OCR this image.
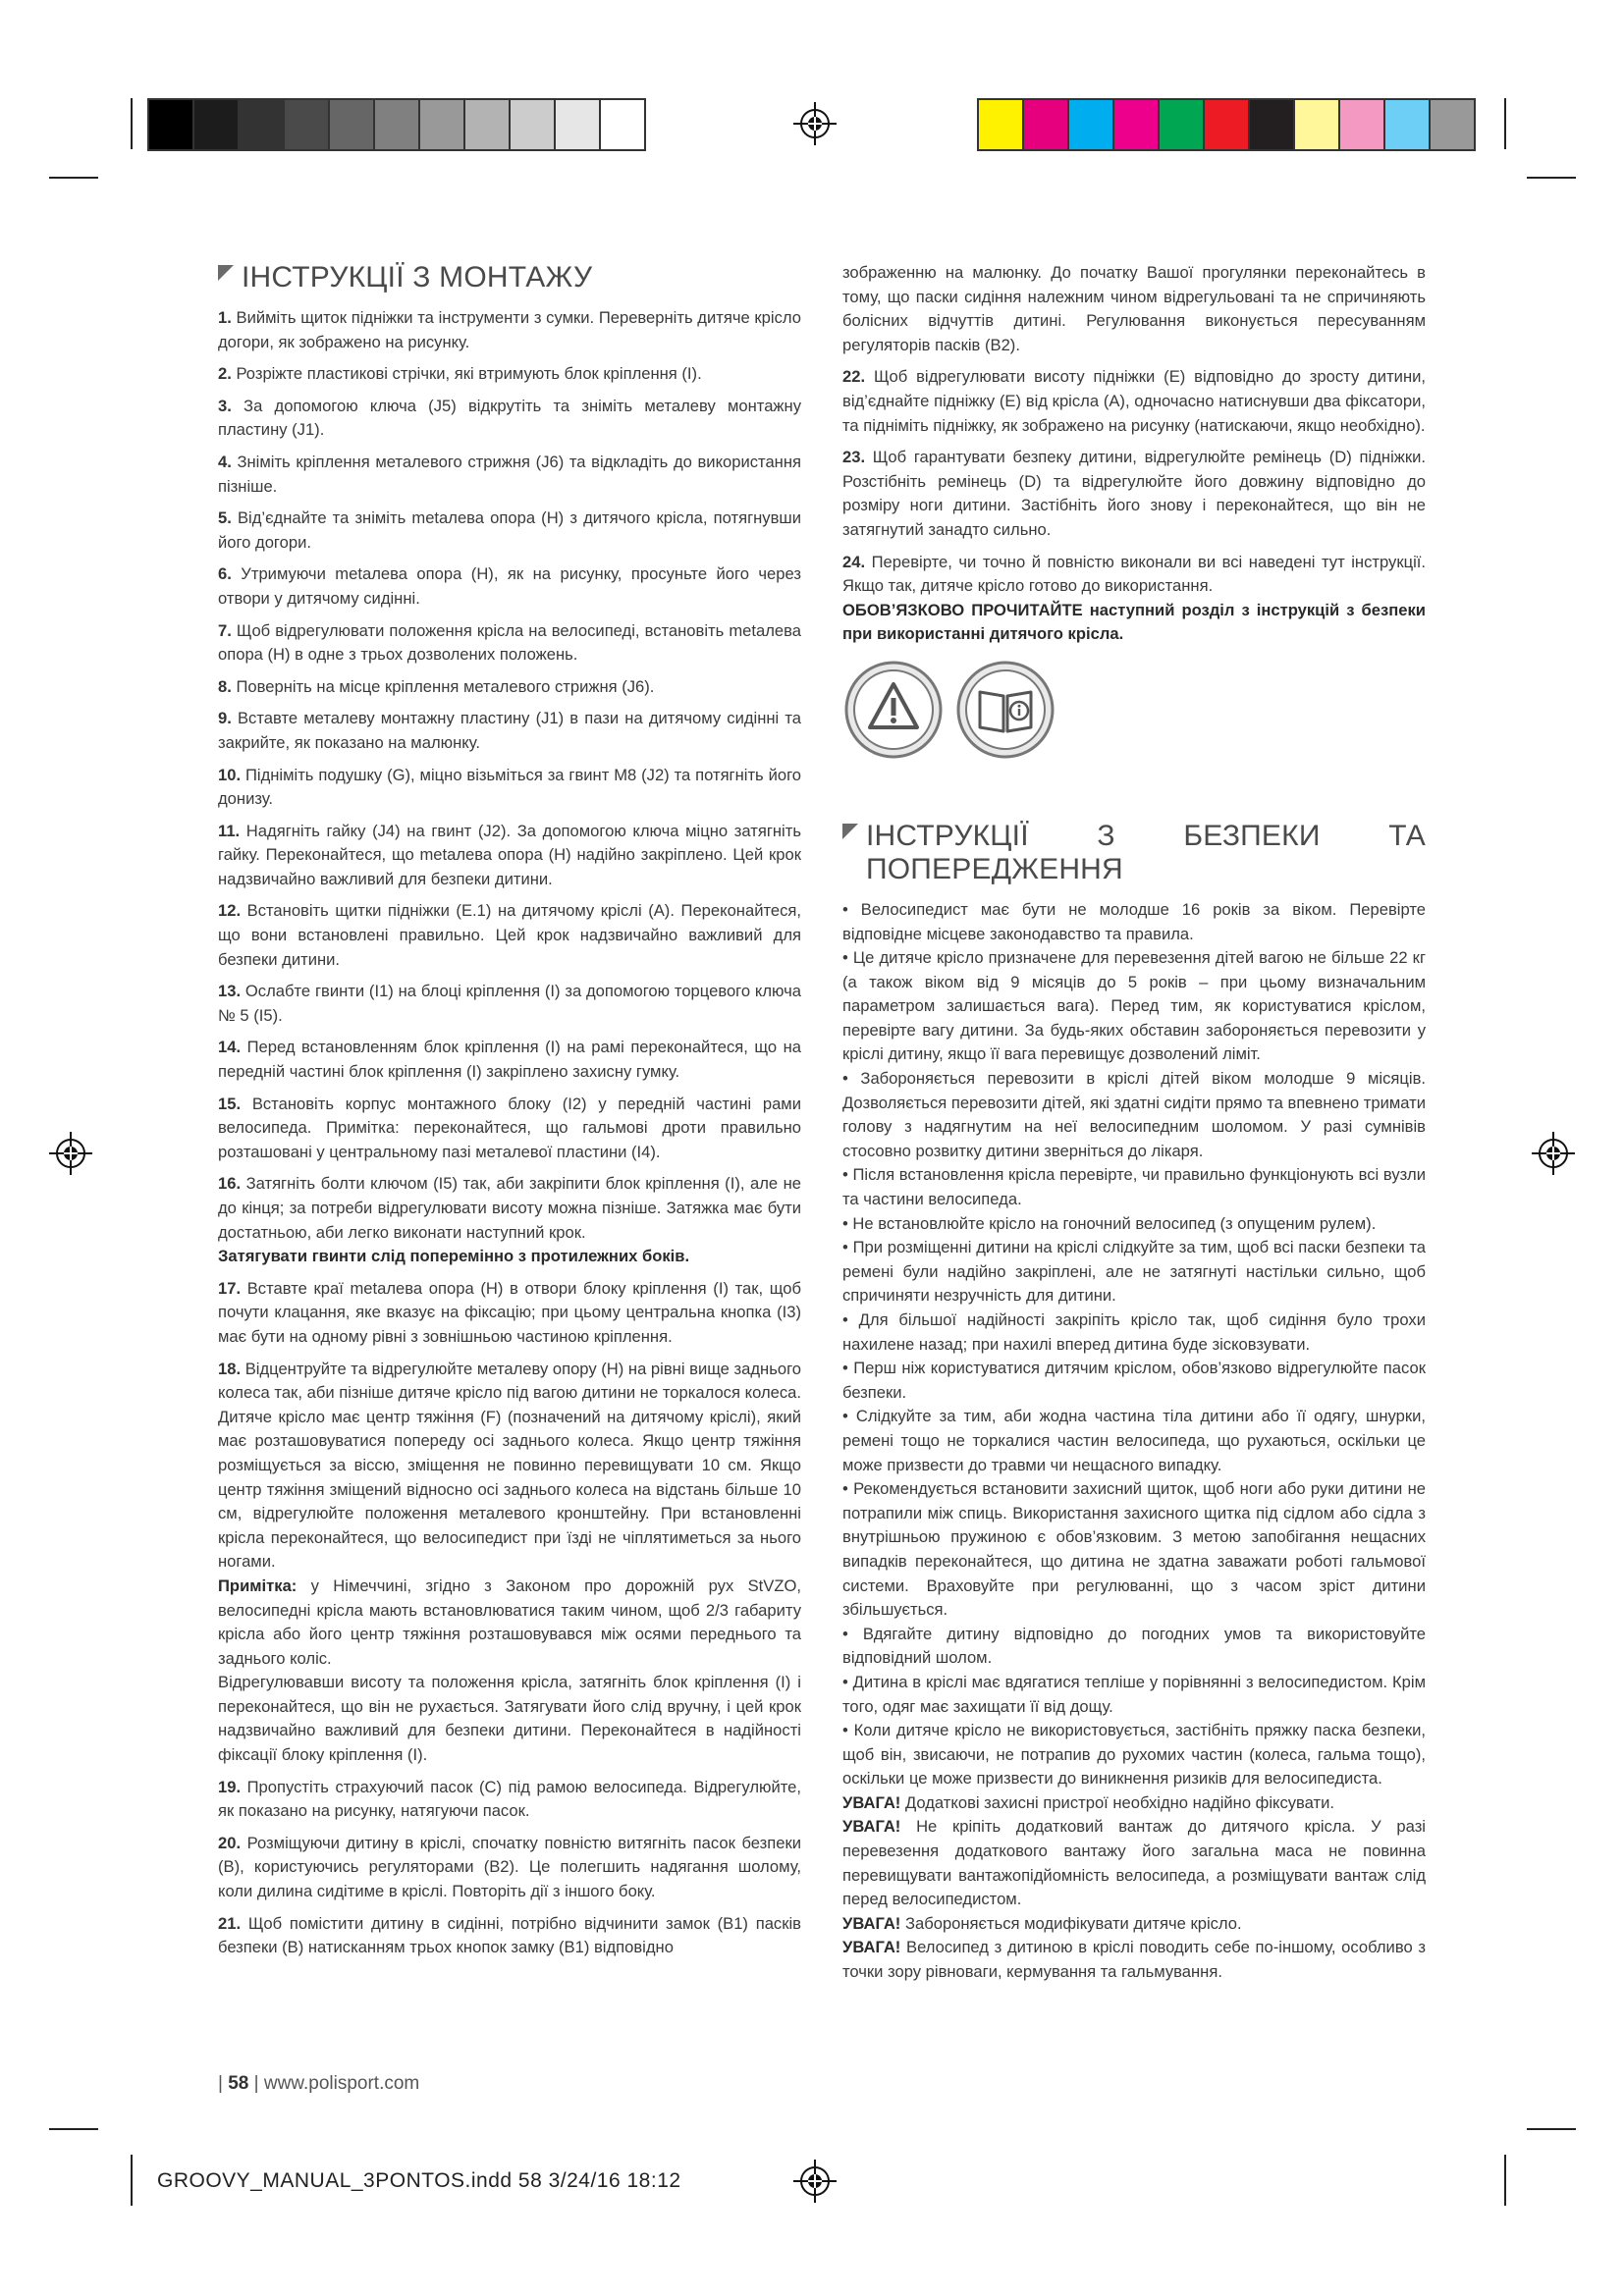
ІНСТРУКЦІЇ З МОНТАЖУ

1. Вийміть щиток підніжки та інструменти з сумки. Переверніть дитяче крісло догори, як зображено на рисунку.

2. Розріжте пластикові стрічки, які втримують блок кріплення (I).

3. За допомогою ключа (J5) відкрутіть та зніміть металеву монтажну пластину (J1).

4. Зніміть кріплення металевого стрижня (J6) та відкладіть до використання пізніше.

5. Від’єднайте та зніміть metалева опора (H) з дитячого крісла, потягнувши його догори.

6. Утримуючи metалева опора (H), як на рисунку, просуньте його через отвори у дитячому сидінні.

7. Щоб відрегулювати положення крісла на велосипеді, встановіть metалева опора (H) в одне з трьох дозволених положень.

8. Поверніть на місце кріплення металевого стрижня (J6).

9. Вставте металеву монтажну пластину (J1) в пази на дитячому сидінні та закрийте, як показано на малюнку.

10. Підніміть подушку (G), міцно візьміться за гвинт M8 (J2) та потягніть його донизу.

11. Надягніть гайку (J4) на гвинт (J2). За допомогою ключа міцно затягніть гайку. Переконайтеся, що metалева опора (H) надійно закріплено. Цей крок надзвичайно важливий для безпеки дитини.

12. Встановіть щитки підніжки (E.1) на дитячому кріслі (A). Переконайтеся, що вони встановлені правильно. Цей крок надзвичайно важливий для безпеки дитини.

13. Ослабте гвинти (I1) на блоці кріплення (I) за допомогою торцевого ключа № 5 (I5).

14. Перед встановленням блок кріплення (I) на рамі переконайтеся, що на передній частині блок кріплення (I) закріплено захисну гумку.

15. Встановіть корпус монтажного блоку (I2) у передній частині рами велосипеда. Примітка: переконайтеся, що гальмові дроти правильно розташовані у центральному пазі металевої пластини (I4).

16. Затягніть болти ключом (I5) так, аби закріпити блок кріплення (I), але не до кінця; за потреби відрегулювати висоту можна пізніше. Затяжка має бути достатньою, аби легко виконати наступний крок.
Затягувати гвинти слід поперемінно з протилежних боків.

17. Вставте краї metалева опора (H) в отвори блоку кріплення (I) так, щоб почути клацання, яке вказує на фіксацію; при цьому центральна кнопка (I3) має бути на одному рівні з зовнішньою частиною кріплення.

18. Відцентруйте та відрегулюйте металеву опору (H) на рівні вище заднього колеса так, аби пізніше дитяче крісло під вагою дитини не торкалося колеса. Дитяче крісло має центр тяжіння (F) (позначений на дитячому кріслі), який має розташовуватися попереду осі заднього колеса. Якщо центр тяжіння розміщується за віссю, зміщення не повинно перевищувати 10 см. Якщо центр тяжіння зміщений відносно осі заднього колеса на відстань більше 10 см, відрегулюйте положення металевого кронштейну. При встановленні крісла переконайтеся, що велосипедист при їзді не чіплятиметься за нього ногами.

Примітка: у Німеччині, згідно з Законом про дорожній рух StVZO, велосипедні крісла мають встановлюватися таким чином, щоб 2/3 габариту крісла або його центр тяжіння розташовувався між осями переднього та заднього коліс.

Відрегулювавши висоту та положення крісла, затягніть блок кріплення (I) і переконайтеся, що він не рухається. Затягувати його слід вручну, і цей крок надзвичайно важливий для безпеки дитини. Переконайтеся в надійності фіксації блоку кріплення (I).

19. Пропустіть страхуючий пасок (C) під рамою велосипеда. Відрегулюйте, як показано на рисунку, натягуючи пасок.

20. Розміщуючи дитину в кріслі, спочатку повністю витягніть пасок безпеки (B), користуючись регуляторами (B2). Це полегшить надягання шолому, коли дилина сидітиме в кріслі. Повторіть дії з іншого боку.

21. Щоб помістити дитину в сидінні, потрібно відчинити замок (B1) пасків безпеки (B) натисканням трьох кнопок замку (B1) відповідно

зображенню на малюнку. До початку Вашої прогулянки переконайтесь в тому, що паски сидіння належним чином відрегульовані та не спричиняють болісних відчуттів дитині. Регулювання виконується пересуванням регуляторів пасків (B2).

22. Щоб відрегулювати висоту підніжки (E) відповідно до зросту дитини, від’єднайте підніжку (E) від крісла (A), одночасно натиснувши два фіксатори, та підніміть підніжку, як зображено на рисунку (натискаючи, якщо необхідно).

23. Щоб гарантувати безпеку дитини, відрегулюйте ремінець (D) підніжки. Розстібніть ремінець (D) та відрегулюйте його довжину відповідно до розміру ноги дитини. Застібніть його знову і переконайтеся, що він не затягнутий занадто сильно.

24. Перевірте, чи точно й повністю виконали ви всі наведені тут інструкції. Якщо так, дитяче крісло готово до використання.
ОБОВ’ЯЗКОВО ПРОЧИТАЙТЕ наступний розділ з інструкцій з безпеки при використанні дитячого крісла.

ІНСТРУКЦІЇ З БЕЗПЕКИ ТА ПОПЕРЕДЖЕННЯ

• Велосипедист має бути не молодше 16 років за віком. Перевірте відповідне місцеве законодавство та правила.

• Це дитяче крісло призначене для перевезення дітей вагою не більше 22 кг (а також віком від 9 місяців до 5 років – при цьому визначальним параметром залишається вага). Перед тим, як користуватися кріслом, перевірте вагу дитини. За будь-яких обставин забороняється перевозити у кріслі дитину, якщо її вага перевищує дозволений ліміт.

• Забороняється перевозити в кріслі дітей віком молодше 9 місяців. Дозволяється перевозити дітей, які здатні сидіти прямо та впевнено тримати голову з надягнутим на неї велосипедним шоломом. У разі сумнівів стосовно розвитку дитини зверніться до лікаря.

• Після встановлення крісла перевірте, чи правильно функціонують всі вузли та частини велосипеда.

• Не встановлюйте крісло на гоночний велосипед (з опущеним рулем).

• При розміщенні дитини на кріслі слідкуйте за тим, щоб всі паски безпеки та ремені були надійно закріплені, але не затягнуті настільки сильно, щоб спричиняти незручність для дитини.

• Для більшої надійності закріпіть крісло так, щоб сидіння було трохи нахилене назад; при нахилі вперед дитина буде зісковзувати.

• Перш ніж користуватися дитячим кріслом, обов’язково відрегулюйте пасок безпеки.

• Слідкуйте за тим, аби жодна частина тіла дитини або її одягу, шнурки, ремені тощо не торкалися частин велосипеда, що рухаються, оскільки це може призвести до травми чи нещасного випадку.

• Рекомендується встановити захисний щиток, щоб ноги або руки дитини не потрапили між спиць. Використання захисного щитка під сідлом або сідла з внутрішньою пружиною є обов’язковим. З метою запобігання нещасних випадків переконайтеся, що дитина не здатна заважати роботі гальмової системи. Враховуйте при регулюванні, що з часом зріст дитини збільшується.

• Вдягайте дитину відповідно до погодних умов та використовуйте відповідний шолом.

• Дитина в кріслі має вдягатися тепліше у порівнянні з велосипедистом. Крім того, одяг має захищати її від дощу.

• Коли дитяче крісло не використовується, застібніть пряжку паска безпеки, щоб він, звисаючи, не потрапив до рухомих частин (колеса, гальма тощо), оскільки це може призвести до виникнення ризиків для велосипедиста.

УВАГА! Додаткові захисні пристрої необхідно надійно фіксувати.

УВАГА! Не кріпіть додатковий вантаж до дитячого крісла. У разі перевезення додаткового вантажу його загальна маса не повинна перевищувати вантажопідйомність велосипеда, а розміщувати вантаж слід перед велосипедистом.

УВАГА! Забороняється модифікувати дитяче крісло.

УВАГА! Велосипед з дитиною в кріслі поводить себе по-іншому, особливо з точки зору рівноваги, кермування та гальмування.

| 58 | www.polisport.com
GROOVY_MANUAL_3PONTOS.indd 58 3/24/16 18:12
